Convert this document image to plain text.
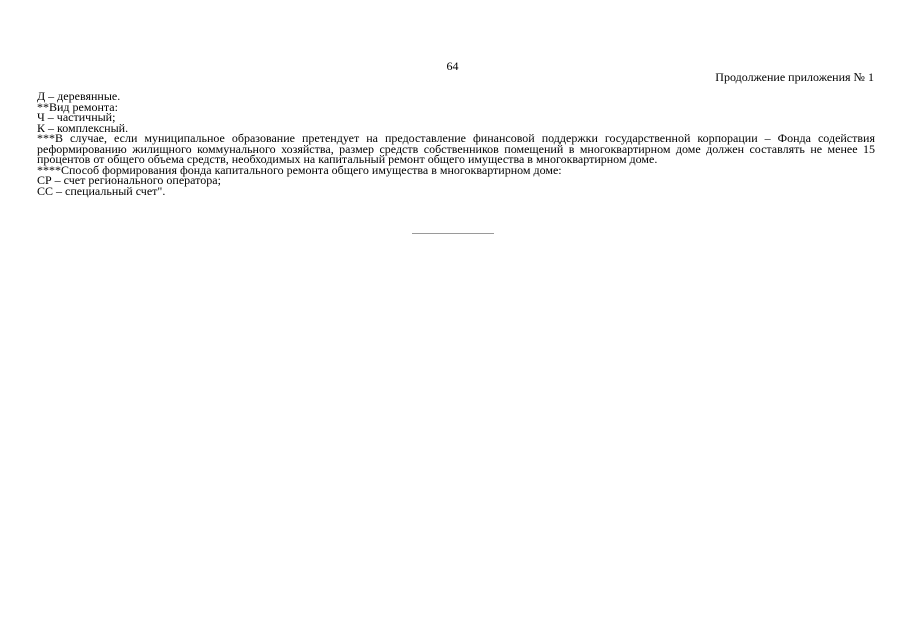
64
Продолжение приложения № 1
Д – деревянные.
**Вид ремонта:
Ч – частичный;
К – комплексный.
***В случае, если муниципальное образование претендует на предоставление финансовой поддержки государственной корпорации – Фонда содействия реформированию жилищного коммунального хозяйства, размер средств собственников помещений в многоквартирном доме должен составлять не менее 15 процентов от общего объема средств, необходимых на капитальный ремонт общего имущества в многоквартирном доме.
****Способ формирования фонда капитального ремонта общего имущества в многоквартирном доме:
СР – счет регионального оператора;
СС – специальный счет".
